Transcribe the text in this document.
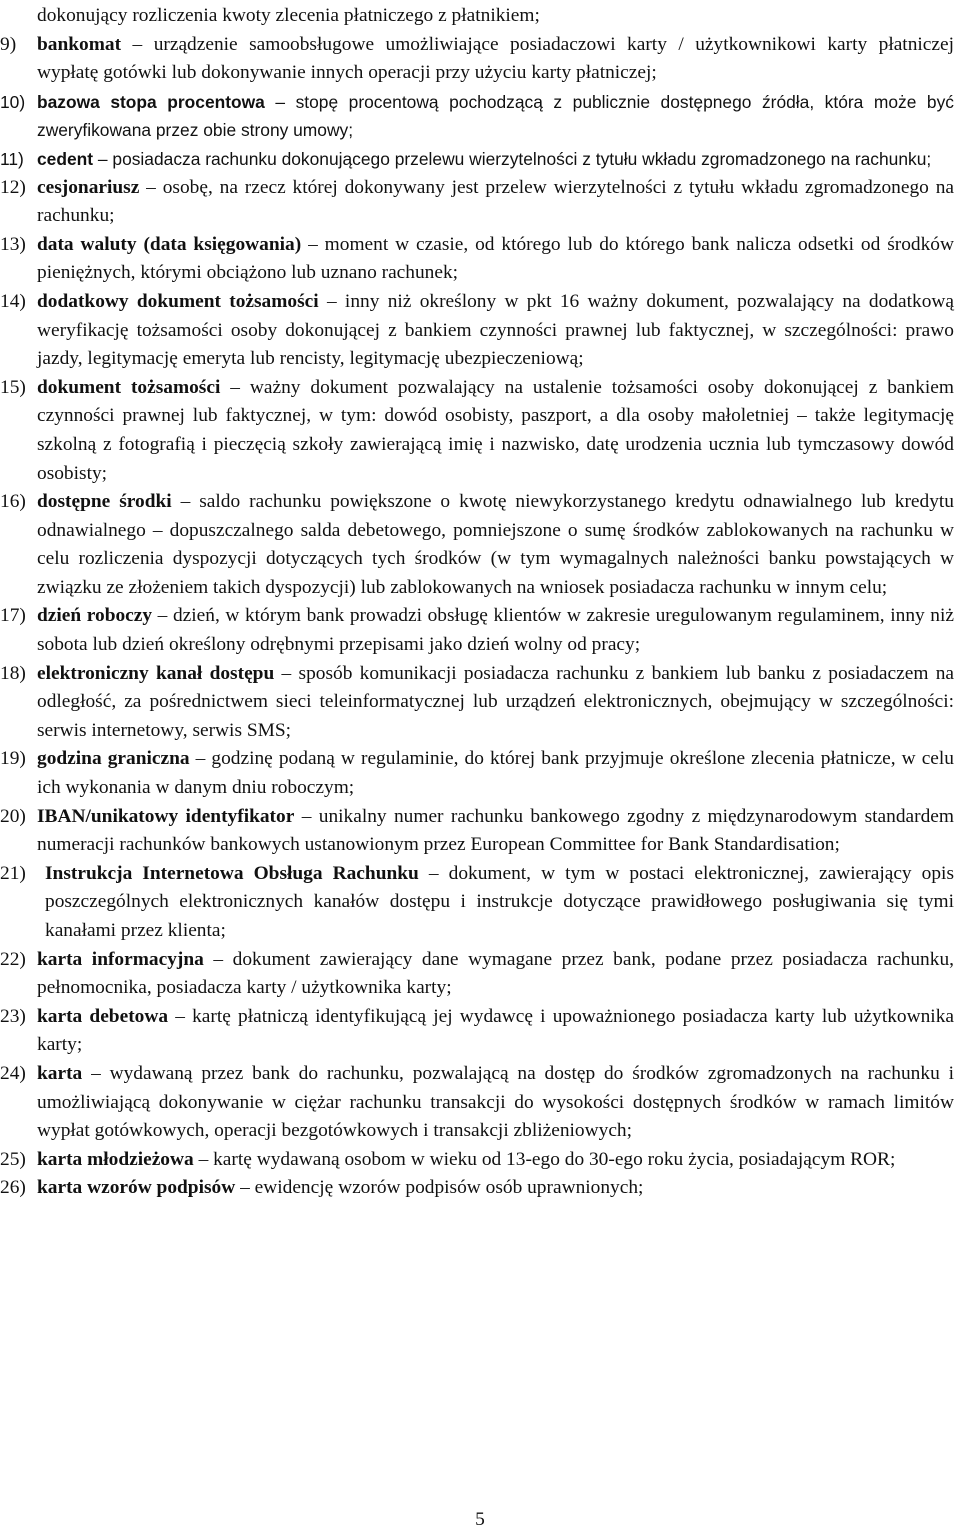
dokonujący rozliczenia kwoty zlecenia płatniczego z płatnikiem;

9)	bankomat – urządzenie samoobsługowe umożliwiające posiadaczowi karty / użytkownikowi karty płatniczej wypłatę gotówki lub dokonywanie innych operacji przy użyciu karty płatniczej;
10) bazowa stopa procentowa – stopę procentową pochodzącą z publicznie dostępnego źródła, która może być zweryfikowana przez obie strony umowy;
11) cedent – posiadacza rachunku dokonującego przelewu wierzytelności z tytułu wkładu zgromadzonego na rachunku;
12) cesjonariusz – osobę, na rzecz której dokonywany jest przelew wierzytelności z tytułu wkładu zgromadzonego na rachunku;
13) data waluty (data księgowania) – moment w czasie, od którego lub do którego bank nalicza odsetki od środków pieniężnych, którymi obciążono lub uznano rachunek;
14) dodatkowy dokument tożsamości – inny niż określony w pkt 16 ważny dokument, pozwalający na dodatkową weryfikację tożsamości osoby dokonującej z bankiem czynności prawnej lub faktycznej, w szczególności: prawo jazdy, legitymację emeryta lub rencisty, legitymację ubezpieczeniową;
15) dokument tożsamości – ważny dokument pozwalający na ustalenie tożsamości osoby dokonującej z bankiem czynności prawnej lub faktycznej, w tym: dowód osobisty, paszport, a dla osoby małoletniej – także legitymację szkolną z fotografią i pieczęcią szkoły zawierającą imię i nazwisko, datę urodzenia ucznia lub tymczasowy dowód osobisty;
16) dostępne środki – saldo rachunku powiększone o kwotę niewykorzystanego kredytu odnawialnego lub kredytu odnawialnego – dopuszczalnego salda debetowego, pomniejszone o sumę środków zablokowanych na rachunku w celu rozliczenia dyspozycji dotyczących tych środków (w tym wymagalnych należności banku powstających w związku ze złożeniem takich dyspozycji) lub zablokowanych na wniosek posiadacza rachunku w innym celu;
17) dzień roboczy – dzień, w którym bank prowadzi obsługę klientów w zakresie uregulowanym regulaminem, inny niż sobota lub dzień określony odrębnymi przepisami jako dzień wolny od pracy;
18) elektroniczny kanał dostępu – sposób komunikacji posiadacza rachunku z bankiem lub banku z posiadaczem na odległość, za pośrednictwem sieci teleinformatycznej lub urządzeń elektronicznych, obejmujący w szczególności: serwis internetowy, serwis SMS;
19) godzina graniczna – godzinę podaną w regulaminie, do której bank przyjmuje określone zlecenia płatnicze, w celu ich wykonania w danym dniu roboczym;
20) IBAN/unikatowy identyfikator – unikalny numer rachunku bankowego zgodny z międzynarodowym standardem numeracji rachunków bankowych ustanowionym przez European Committee for Bank Standardisation;
21) Instrukcja Internetowa Obsługa Rachunku – dokument, w tym w postaci elektronicznej, zawierający opis poszczególnych elektronicznych kanałów dostępu i instrukcje dotyczące prawidłowego posługiwania się tymi kanałami przez klienta;
22) karta informacyjna – dokument zawierający dane wymagane przez bank, podane przez posiadacza rachunku, pełnomocnika, posiadacza karty / użytkownika karty;
23) karta debetowa – kartę płatniczą identyfikującą jej wydawcę i upoważnionego posiadacza karty lub użytkownika karty;
24) karta – wydawaną przez bank do rachunku, pozwalającą na dostęp do środków zgromadzonych na rachunku i umożliwiającą dokonywanie w ciężar rachunku transakcji do wysokości dostępnych środków w ramach limitów wypłat gotówkowych, operacji bezgotówkowych i transakcji zbliżeniowych;
25) karta młodzieżowa – kartę wydawaną osobom w wieku od 13-ego do 30-ego roku życia, posiadającym ROR;
26) karta wzorów podpisów – ewidencję wzorów podpisów osób uprawnionych;
5
